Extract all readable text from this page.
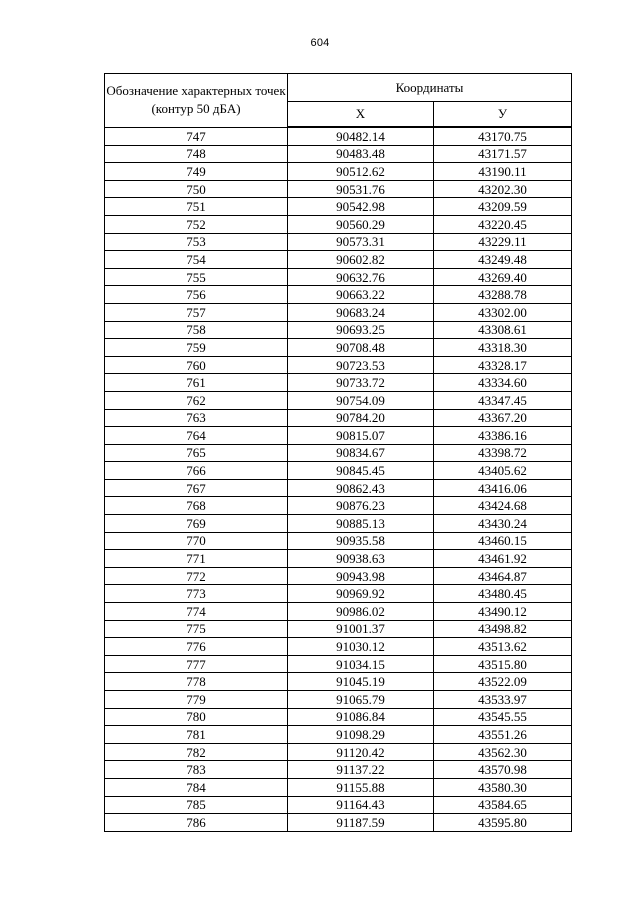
604
Обозначение характерных точек (контур 50 дБА)	Координаты	
	X	У
747	90482.14	43170.75
748	90483.48	43171.57
749	90512.62	43190.11
750	90531.76	43202.30
751	90542.98	43209.59
752	90560.29	43220.45
753	90573.31	43229.11
754	90602.82	43249.48
755	90632.76	43269.40
756	90663.22	43288.78
757	90683.24	43302.00
758	90693.25	43308.61
759	90708.48	43318.30
760	90723.53	43328.17
761	90733.72	43334.60
762	90754.09	43347.45
763	90784.20	43367.20
764	90815.07	43386.16
765	90834.67	43398.72
766	90845.45	43405.62
767	90862.43	43416.06
768	90876.23	43424.68
769	90885.13	43430.24
770	90935.58	43460.15
771	90938.63	43461.92
772	90943.98	43464.87
773	90969.92	43480.45
774	90986.02	43490.12
775	91001.37	43498.82
776	91030.12	43513.62
777	91034.15	43515.80
778	91045.19	43522.09
779	91065.79	43533.97
780	91086.84	43545.55
781	91098.29	43551.26
782	91120.42	43562.30
783	91137.22	43570.98
784	91155.88	43580.30
785	91164.43	43584.65
786	91187.59	43595.80
